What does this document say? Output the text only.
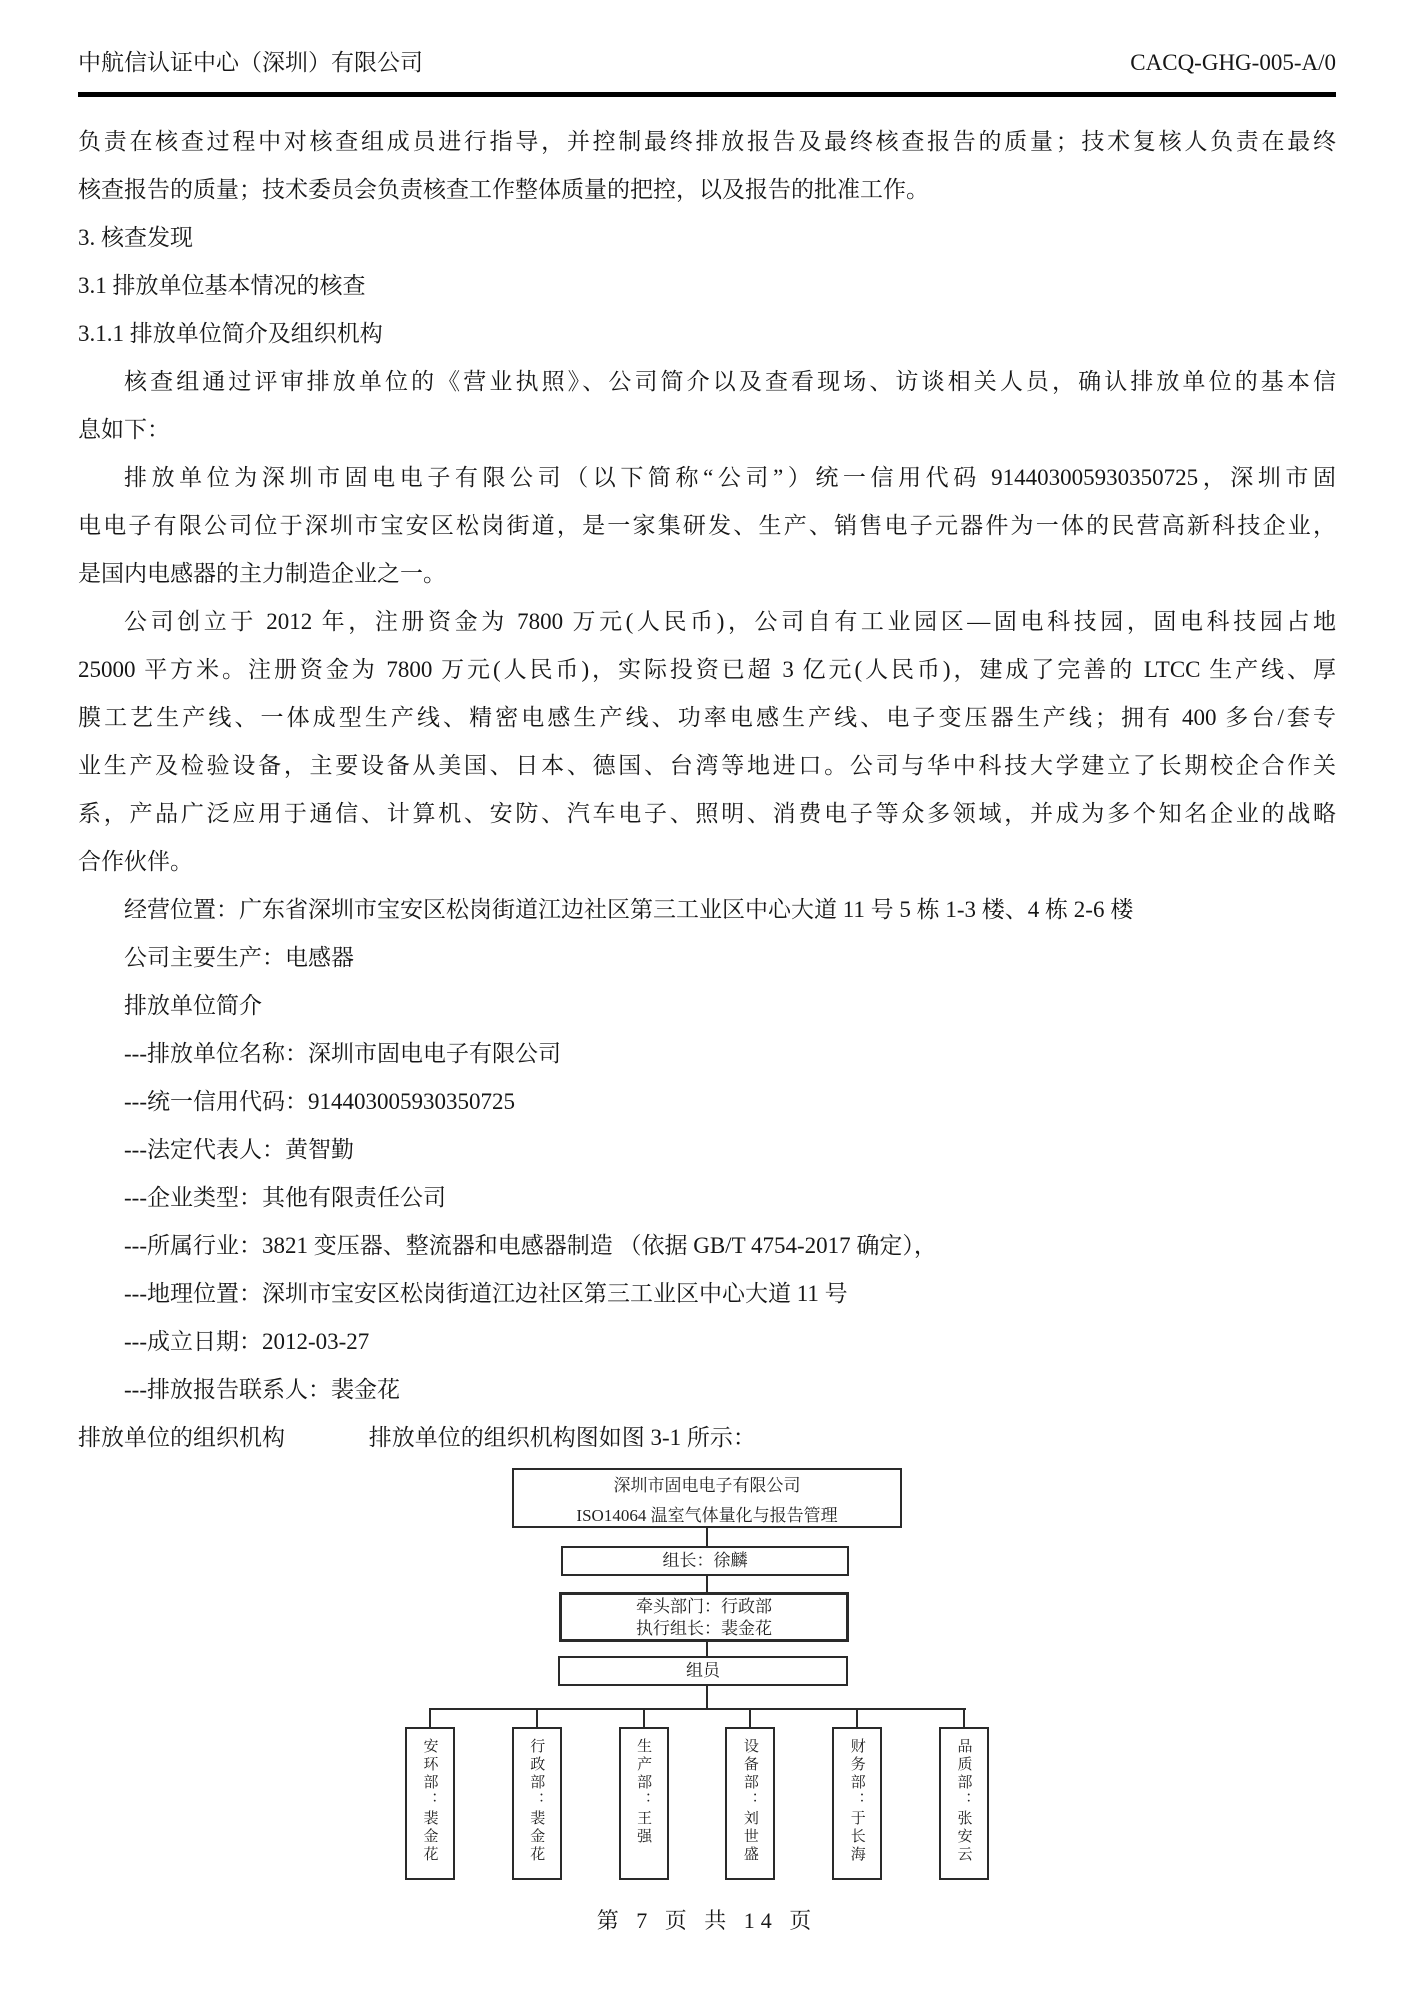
中航信认证中心（深圳）有限公司	CACQ-GHG-005-A/0

负责在核查过程中对核查组成员进行指导，并控制最终排放报告及最终核查报告的质量；技术复核人负责在最终

核查报告的质量；技术委员会负责核查工作整体质量的把控，以及报告的批准工作。

3. 核查发现

3.1 排放单位基本情况的核查

3.1.1 排放单位简介及组织机构

核查组通过评审排放单位的《营业执照》、公司简介以及查看现场、访谈相关人员，确认排放单位的基本信

息如下：

排放单位为深圳市固电电子有限公司（以下简称“公司”）统一信用代码 914403005930350725，深圳市固

电电子有限公司位于深圳市宝安区松岗街道，是一家集研发、生产、销售电子元器件为一体的民营高新科技企业，

是国内电感器的主力制造企业之一。

公司创立于 2012 年，注册资金为 7800 万元(人民币)，公司自有工业园区—固电科技园，固电科技园占地

25000 平方米。注册资金为 7800 万元(人民币)，实际投资已超 3 亿元(人民币)，建成了完善的 LTCC 生产线、厚

膜工艺生产线、一体成型生产线、精密电感生产线、功率电感生产线、电子变压器生产线；拥有 400 多台/套专

业生产及检验设备，主要设备从美国、日本、德国、台湾等地进口。公司与华中科技大学建立了长期校企合作关

系，产品广泛应用于通信、计算机、安防、汽车电子、照明、消费电子等众多领域，并成为多个知名企业的战略

合作伙伴。

经营位置：广东省深圳市宝安区松岗街道江边社区第三工业区中心大道 11 号 5 栋 1-3 楼、4 栋 2-6 楼

公司主要生产：电感器

排放单位简介

---排放单位名称：深圳市固电电子有限公司

---统一信用代码：914403005930350725

---法定代表人：黄智勤

---企业类型：其他有限责任公司

---所属行业：3821 变压器、整流器和电感器制造 （依据 GB/T 4754-2017 确定），

---地理位置：深圳市宝安区松岗街道江边社区第三工业区中心大道 11 号

---成立日期：2012-03-27

---排放报告联系人：裴金花

排放单位的组织机构	排放单位的组织机构图如图 3-1 所示：
深圳市固电电子有限公司
ISO14064 温室气体量化与报告管理
组长：徐麟
牵头部门：行政部
执行组长：裴金花
组员
安环部：裴金花	行政部：裴金花	生产部：王强	设备部：刘世盛	财务部：于长海	品质部：张安云
第 7 页 共 14 页
